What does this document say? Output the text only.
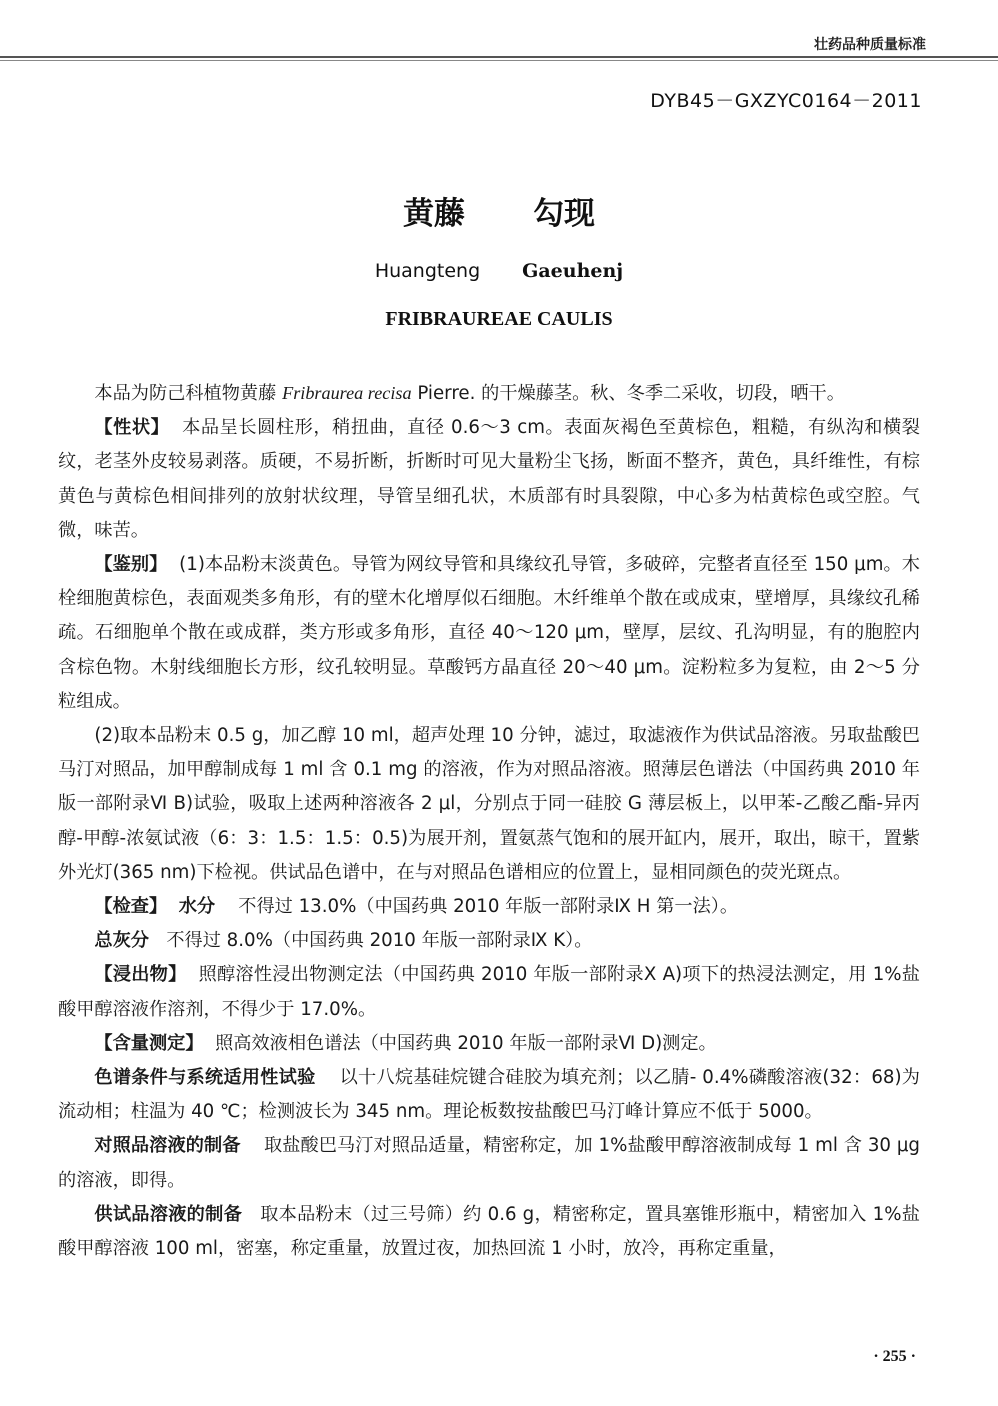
壮药品种质量标准
DYB45－GXZYC0164－2011
黄藤 勾现
Huangteng Gaeuhenj
FRIBRAUREAE CAULIS

本品为防己科植物黄藤 Fribraurea recisa Pierre. 的干燥藤茎。秋、冬季二采收，切段，晒干。

【性状】 本品呈长圆柱形，稍扭曲，直径 0.6～3 cm。表面灰褐色至黄棕色，粗糙，有纵沟和横裂纹，老茎外皮较易剥落。质硬，不易折断，折断时可见大量粉尘飞扬，断面不整齐，黄色，具纤维性，有棕黄色与黄棕色相间排列的放射状纹理，导管呈细孔状，木质部有时具裂隙，中心多为枯黄棕色或空腔。气微，味苦。

【鉴别】 (1)本品粉末淡黄色。导管为网纹导管和具缘纹孔导管，多破碎，完整者直径至 150 μm。木栓细胞黄棕色，表面观类多角形，有的壁木化增厚似石细胞。木纤维单个散在或成束，壁增厚，具缘纹孔稀疏。石细胞单个散在或成群，类方形或多角形，直径 40～120 μm，壁厚，层纹、孔沟明显，有的胞腔内含棕色物。木射线细胞长方形，纹孔较明显。草酸钙方晶直径 20～40 μm。淀粉粒多为复粒，由 2～5 分粒组成。

(2)取本品粉末 0.5 g，加乙醇 10 ml，超声处理 10 分钟，滤过，取滤液作为供试品溶液。另取盐酸巴马汀对照品，加甲醇制成每 1 ml 含 0.1 mg 的溶液，作为对照品溶液。照薄层色谱法（中国药典 2010 年版一部附录Ⅵ B)试验，吸取上述两种溶液各 2 μl，分别点于同一硅胶 G 薄层板上，以甲苯-乙酸乙酯-异丙醇-甲醇-浓氨试液（6：3：1.5：1.5：0.5)为展开剂，置氨蒸气饱和的展开缸内，展开，取出，晾干，置紫外光灯(365 nm)下检视。供试品色谱中，在与对照品色谱相应的位置上，显相同颜色的荧光斑点。

【检查】 水分 不得过 13.0%（中国药典 2010 年版一部附录Ⅸ H 第一法）。

总灰分 不得过 8.0%（中国药典 2010 年版一部附录Ⅸ K）。

【浸出物】 照醇溶性浸出物测定法（中国药典 2010 年版一部附录Ⅹ A)项下的热浸法测定，用 1%盐酸甲醇溶液作溶剂，不得少于 17.0%。

【含量测定】 照高效液相色谱法（中国药典 2010 年版一部附录Ⅵ D)测定。

色谱条件与系统适用性试验 以十八烷基硅烷键合硅胶为填充剂；以乙腈- 0.4%磷酸溶液(32：68)为流动相；柱温为 40 ℃；检测波长为 345 nm。理论板数按盐酸巴马汀峰计算应不低于 5000。

对照品溶液的制备 取盐酸巴马汀对照品适量，精密称定，加 1%盐酸甲醇溶液制成每 1 ml 含 30 μg 的溶液，即得。

供试品溶液的制备 取本品粉末（过三号筛）约 0.6 g，精密称定，置具塞锥形瓶中，精密加入 1%盐酸甲醇溶液 100 ml，密塞，称定重量，放置过夜，加热回流 1 小时，放冷，再称定重量，

· 255 ·
